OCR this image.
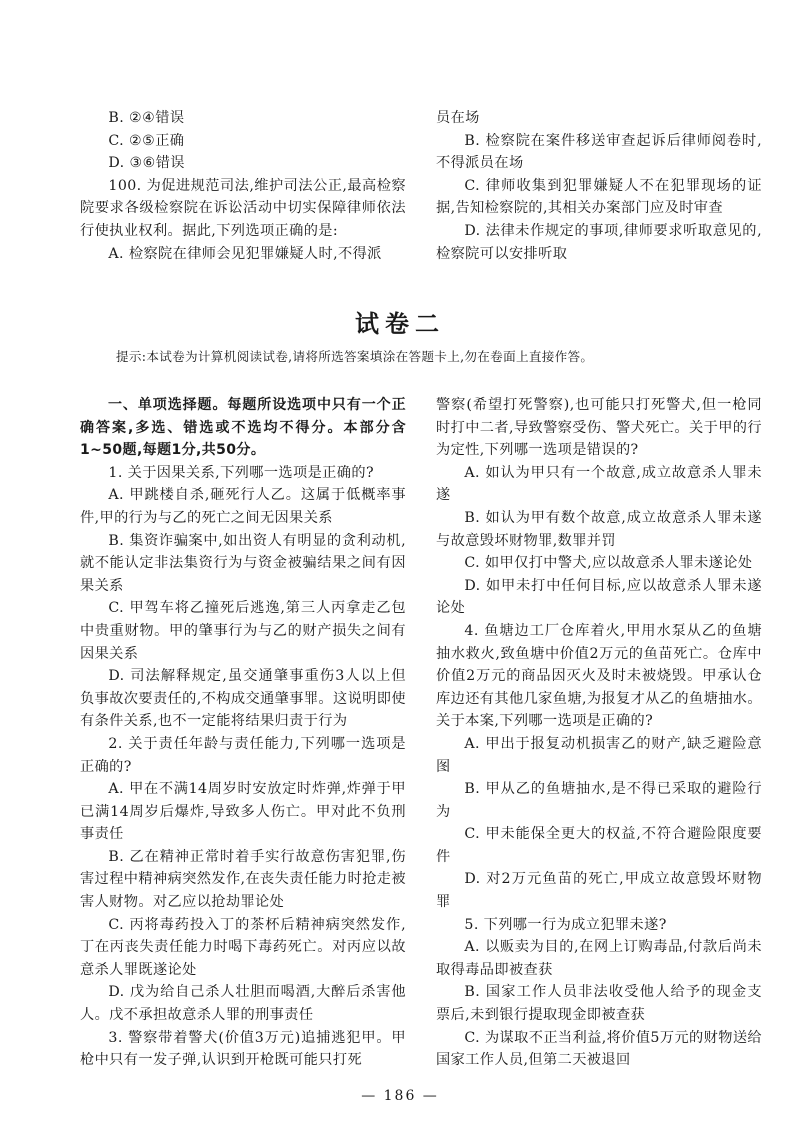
B. ②④错误

C. ②⑤正确

D. ③⑥错误

100. 为促进规范司法,维护司法公正,最高检察院要求各级检察院在诉讼活动中切实保障律师依法行使执业权利。据此,下列选项正确的是:

A. 检察院在律师会见犯罪嫌疑人时,不得派

员在场

B. 检察院在案件移送审查起诉后律师阅卷时,不得派员在场

C. 律师收集到犯罪嫌疑人不在犯罪现场的证据,告知检察院的,其相关办案部门应及时审查

D. 法律未作规定的事项,律师要求听取意见的,检察院可以安排听取

试卷二
提示:本试卷为计算机阅读试卷,请将所选答案填涂在答题卡上,勿在卷面上直接作答。

一、单项选择题。每题所设选项中只有一个正确答案,多选、错选或不选均不得分。本部分含1~50题,每题1分,共50分。

1. 关于因果关系,下列哪一选项是正确的?

A. 甲跳楼自杀,砸死行人乙。这属于低概率事件,甲的行为与乙的死亡之间无因果关系

B. 集资诈骗案中,如出资人有明显的贪利动机,就不能认定非法集资行为与资金被骗结果之间有因果关系

C. 甲驾车将乙撞死后逃逸,第三人丙拿走乙包中贵重财物。甲的肇事行为与乙的财产损失之间有因果关系

D. 司法解释规定,虽交通肇事重伤3人以上但负事故次要责任的,不构成交通肇事罪。这说明即使有条件关系,也不一定能将结果归责于行为

2. 关于责任年龄与责任能力,下列哪一选项是正确的?

A. 甲在不满14周岁时安放定时炸弹,炸弹于甲已满14周岁后爆炸,导致多人伤亡。甲对此不负刑事责任

B. 乙在精神正常时着手实行故意伤害犯罪,伤害过程中精神病突然发作,在丧失责任能力时抢走被害人财物。对乙应以抢劫罪论处

C. 丙将毒药投入丁的茶杯后精神病突然发作,丁在丙丧失责任能力时喝下毒药死亡。对丙应以故意杀人罪既遂论处

D. 戊为给自己杀人壮胆而喝酒,大醉后杀害他人。戊不承担故意杀人罪的刑事责任

3. 警察带着警犬(价值3万元)追捕逃犯甲。甲枪中只有一发子弹,认识到开枪既可能只打死

警察(希望打死警察),也可能只打死警犬,但一枪同时打中二者,导致警察受伤、警犬死亡。关于甲的行为定性,下列哪一选项是错误的?

A. 如认为甲只有一个故意,成立故意杀人罪未遂

B. 如认为甲有数个故意,成立故意杀人罪未遂与故意毁坏财物罪,数罪并罚

C. 如甲仅打中警犬,应以故意杀人罪未遂论处

D. 如甲未打中任何目标,应以故意杀人罪未遂论处

4. 鱼塘边工厂仓库着火,甲用水泵从乙的鱼塘抽水救火,致鱼塘中价值2万元的鱼苗死亡。仓库中价值2万元的商品因灭火及时未被烧毁。甲承认仓库边还有其他几家鱼塘,为报复才从乙的鱼塘抽水。关于本案,下列哪一选项是正确的?

A. 甲出于报复动机损害乙的财产,缺乏避险意图

B. 甲从乙的鱼塘抽水,是不得已采取的避险行为

C. 甲未能保全更大的权益,不符合避险限度要件

D. 对2万元鱼苗的死亡,甲成立故意毁坏财物罪

5. 下列哪一行为成立犯罪未遂?

A. 以贩卖为目的,在网上订购毒品,付款后尚未取得毒品即被查获

B. 国家工作人员非法收受他人给予的现金支票后,未到银行提取现金即被查获

C. 为谋取不正当利益,将价值5万元的财物送给国家工作人员,但第二天被退回

— 186 —
